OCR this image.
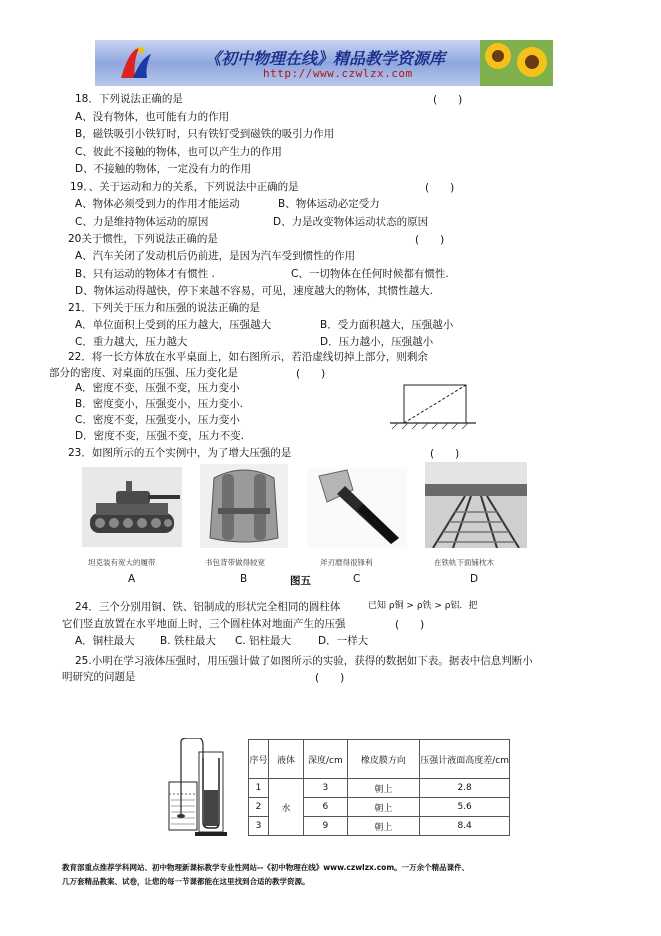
《初中物理在线》精品教学资源库
http://www.czwlzx.com
18．下列说法正确的是	(　　)
A、没有物体，也可能有力的作用
B，磁铁吸引小铁钉时，只有铁钉受到磁铁的吸引力作用
C、彼此不接触的物体，也可以产生力的作用
D、不接触的物体，一定没有力的作用
19．、关于运动和力的关系，下列说法中正确的是	(　　)
A、物体必须受到力的作用才能运动	B、物体运动必定受力
C、力是维持物体运动的原因	D、力是改变物体运动状态的原因
20关于惯性，下列说法正确的是	(　　)
A、汽车关闭了发动机后仍前进，是因为汽车受到惯性的作用
B、只有运动的物体才有惯性 .	C、一切物体在任何时候都有惯性.
D、物体运动得越快，停下来越不容易，可见，速度越大的物体，其惯性越大.
21．下列关于压力和压强的说法正确的是
A．单位面积上受到的压力越大，压强越大	B．受力面积越大，压强越小
C．重力越大，压力越大	D．压力越小，压强越小
22．将一长方体放在水平桌面上，如右图所示，若沿虚线切掉上部分，则剩余
部分的密度、对桌面的压强、压力变化是	(　　)
A．密度不变，压强不变，压力变小
B．密度变小，压强变小，压力变小.
C．密度不变，压强变小，压力变小
D．密度不变，压强不变，压力不变.
23．如图所示的五个实例中，为了增大压强的是	(　　)
坦克装有宽大的履带	书包背带做得较宽	斧刃磨得很锋利	在铁轨下面铺枕木
A	B	图五	C	D
24．三个分别用铜、铁、铝制成的形状完全相同的圆柱体	已知 ρ铜 > ρ铁 > ρ铝．把
它们竖直放置在水平地面上时，三个圆柱体对地面产生的压强	(　　)
A．铜柱最大 B. 铁柱最大 C. 铝柱最大	D．一样大
25.小明在学习液体压强时，用压强计做了如图所示的实验，获得的数据如下表。据表中信息判断小
明研究的问题是	(　　)
序号	液体	深度/cm	橡皮膜方向	压强计液面高度差/cm
1	水	3	朝上	2.8
2		6	朝上	5.6
3		9	朝上	8.4
教育部重点推荐学科网站、初中物理新课标教学专业性网站--《初中物理在线》www.czwlzx.com。一万余个精品课件、
几万套精品教案、试卷，让您的每一节课都能在这里找到合适的教学资源。
